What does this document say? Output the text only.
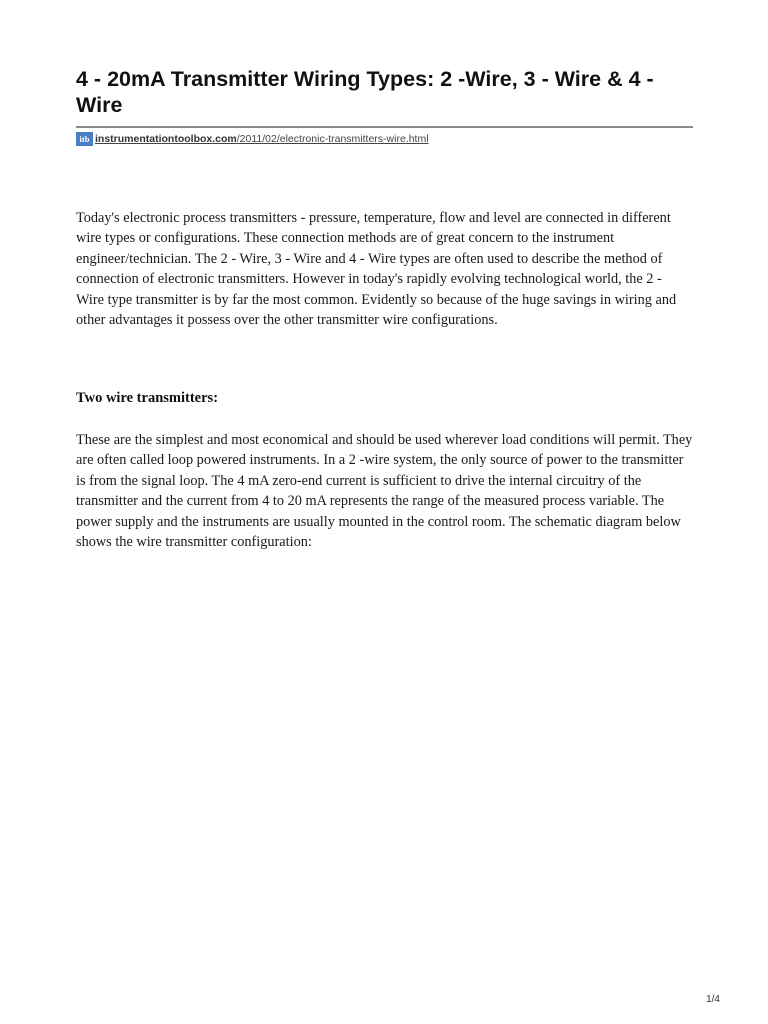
4 - 20mA Transmitter Wiring Types: 2 -Wire, 3 - Wire & 4 - Wire
itb instrumentationtoolbox.com/2011/02/electronic-transmitters-wire.html

Today's electronic process transmitters - pressure, temperature, flow and level are connected in different wire types or configurations. These connection methods are of great concern to the instrument engineer/technician. The 2 - Wire, 3 - Wire and 4 - Wire types are often used to describe the method of connection of electronic transmitters. However in today's rapidly evolving technological world, the 2 - Wire type transmitter is by far the most common. Evidently so because of the huge savings in wiring and other advantages it possess over the other transmitter wire configurations.

Two wire transmitters:

These are the simplest and most economical and should be used wherever load conditions will permit. They are often called loop powered instruments. In a 2 -wire system, the only source of power to the transmitter is from the signal loop. The 4 mA zero-end current is sufficient to drive the internal circuitry of the transmitter and the current from 4 to 20 mA represents the range of the measured process variable. The power supply and the instruments are usually mounted in the control room. The schematic diagram below shows the wire transmitter configuration:

1/4
